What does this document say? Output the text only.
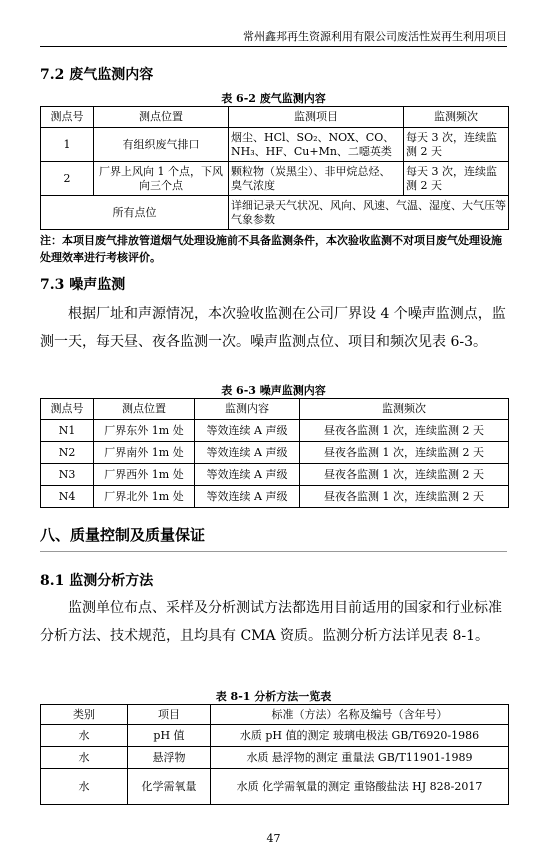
常州鑫邦再生资源利用有限公司废活性炭再生利用项目
7.2 废气监测内容
表 6-2 废气监测内容
测点号	测点位置	监测项目	监测频次
1	有组织废气排口	烟尘、HCl、SO₂、NOX、CO、NH₃、HF、Cu+Mn、二噁英类	每天 3 次，连续监测 2 天
2	厂界上风向 1 个点，下风向三个点	颗粒物（炭黑尘）、非甲烷总烃、臭气浓度	每天 3 次，连续监测 2 天
所有点位		详细记录天气状况、风向、风速、气温、湿度、大气压等气象参数	
注：本项目废气排放管道烟气处理设施前不具备监测条件，本次验收监测不对项目废气处理设施处理效率进行考核评价。
7.3 噪声监测
根据厂址和声源情况，本次验收监测在公司厂界设 4 个噪声监测点，监测一天，每天昼、夜各监测一次。噪声监测点位、项目和频次见表 6-3。
表 6-3 噪声监测内容
测点号	测点位置	监测内容	监测频次
N1	厂界东外 1m 处	等效连续 A 声级	昼夜各监测 1 次，连续监测 2 天
N2	厂界南外 1m 处	等效连续 A 声级	昼夜各监测 1 次，连续监测 2 天
N3	厂界西外 1m 处	等效连续 A 声级	昼夜各监测 1 次，连续监测 2 天
N4	厂界北外 1m 处	等效连续 A 声级	昼夜各监测 1 次，连续监测 2 天
八、质量控制及质量保证
8.1 监测分析方法
监测单位布点、采样及分析测试方法都选用目前适用的国家和行业标准分析方法、技术规范，且均具有 CMA 资质。监测分析方法详见表 8-1。
表 8-1 分析方法一览表
类别	项目	标准（方法）名称及编号（含年号）
水	pH 值	水质 pH 值的测定 玻璃电极法 GB/T6920-1986
水	悬浮物	水质 悬浮物的测定 重量法 GB/T11901-1989
水	化学需氧量	水质 化学需氧量的测定 重铬酸盐法 HJ 828-2017
47
